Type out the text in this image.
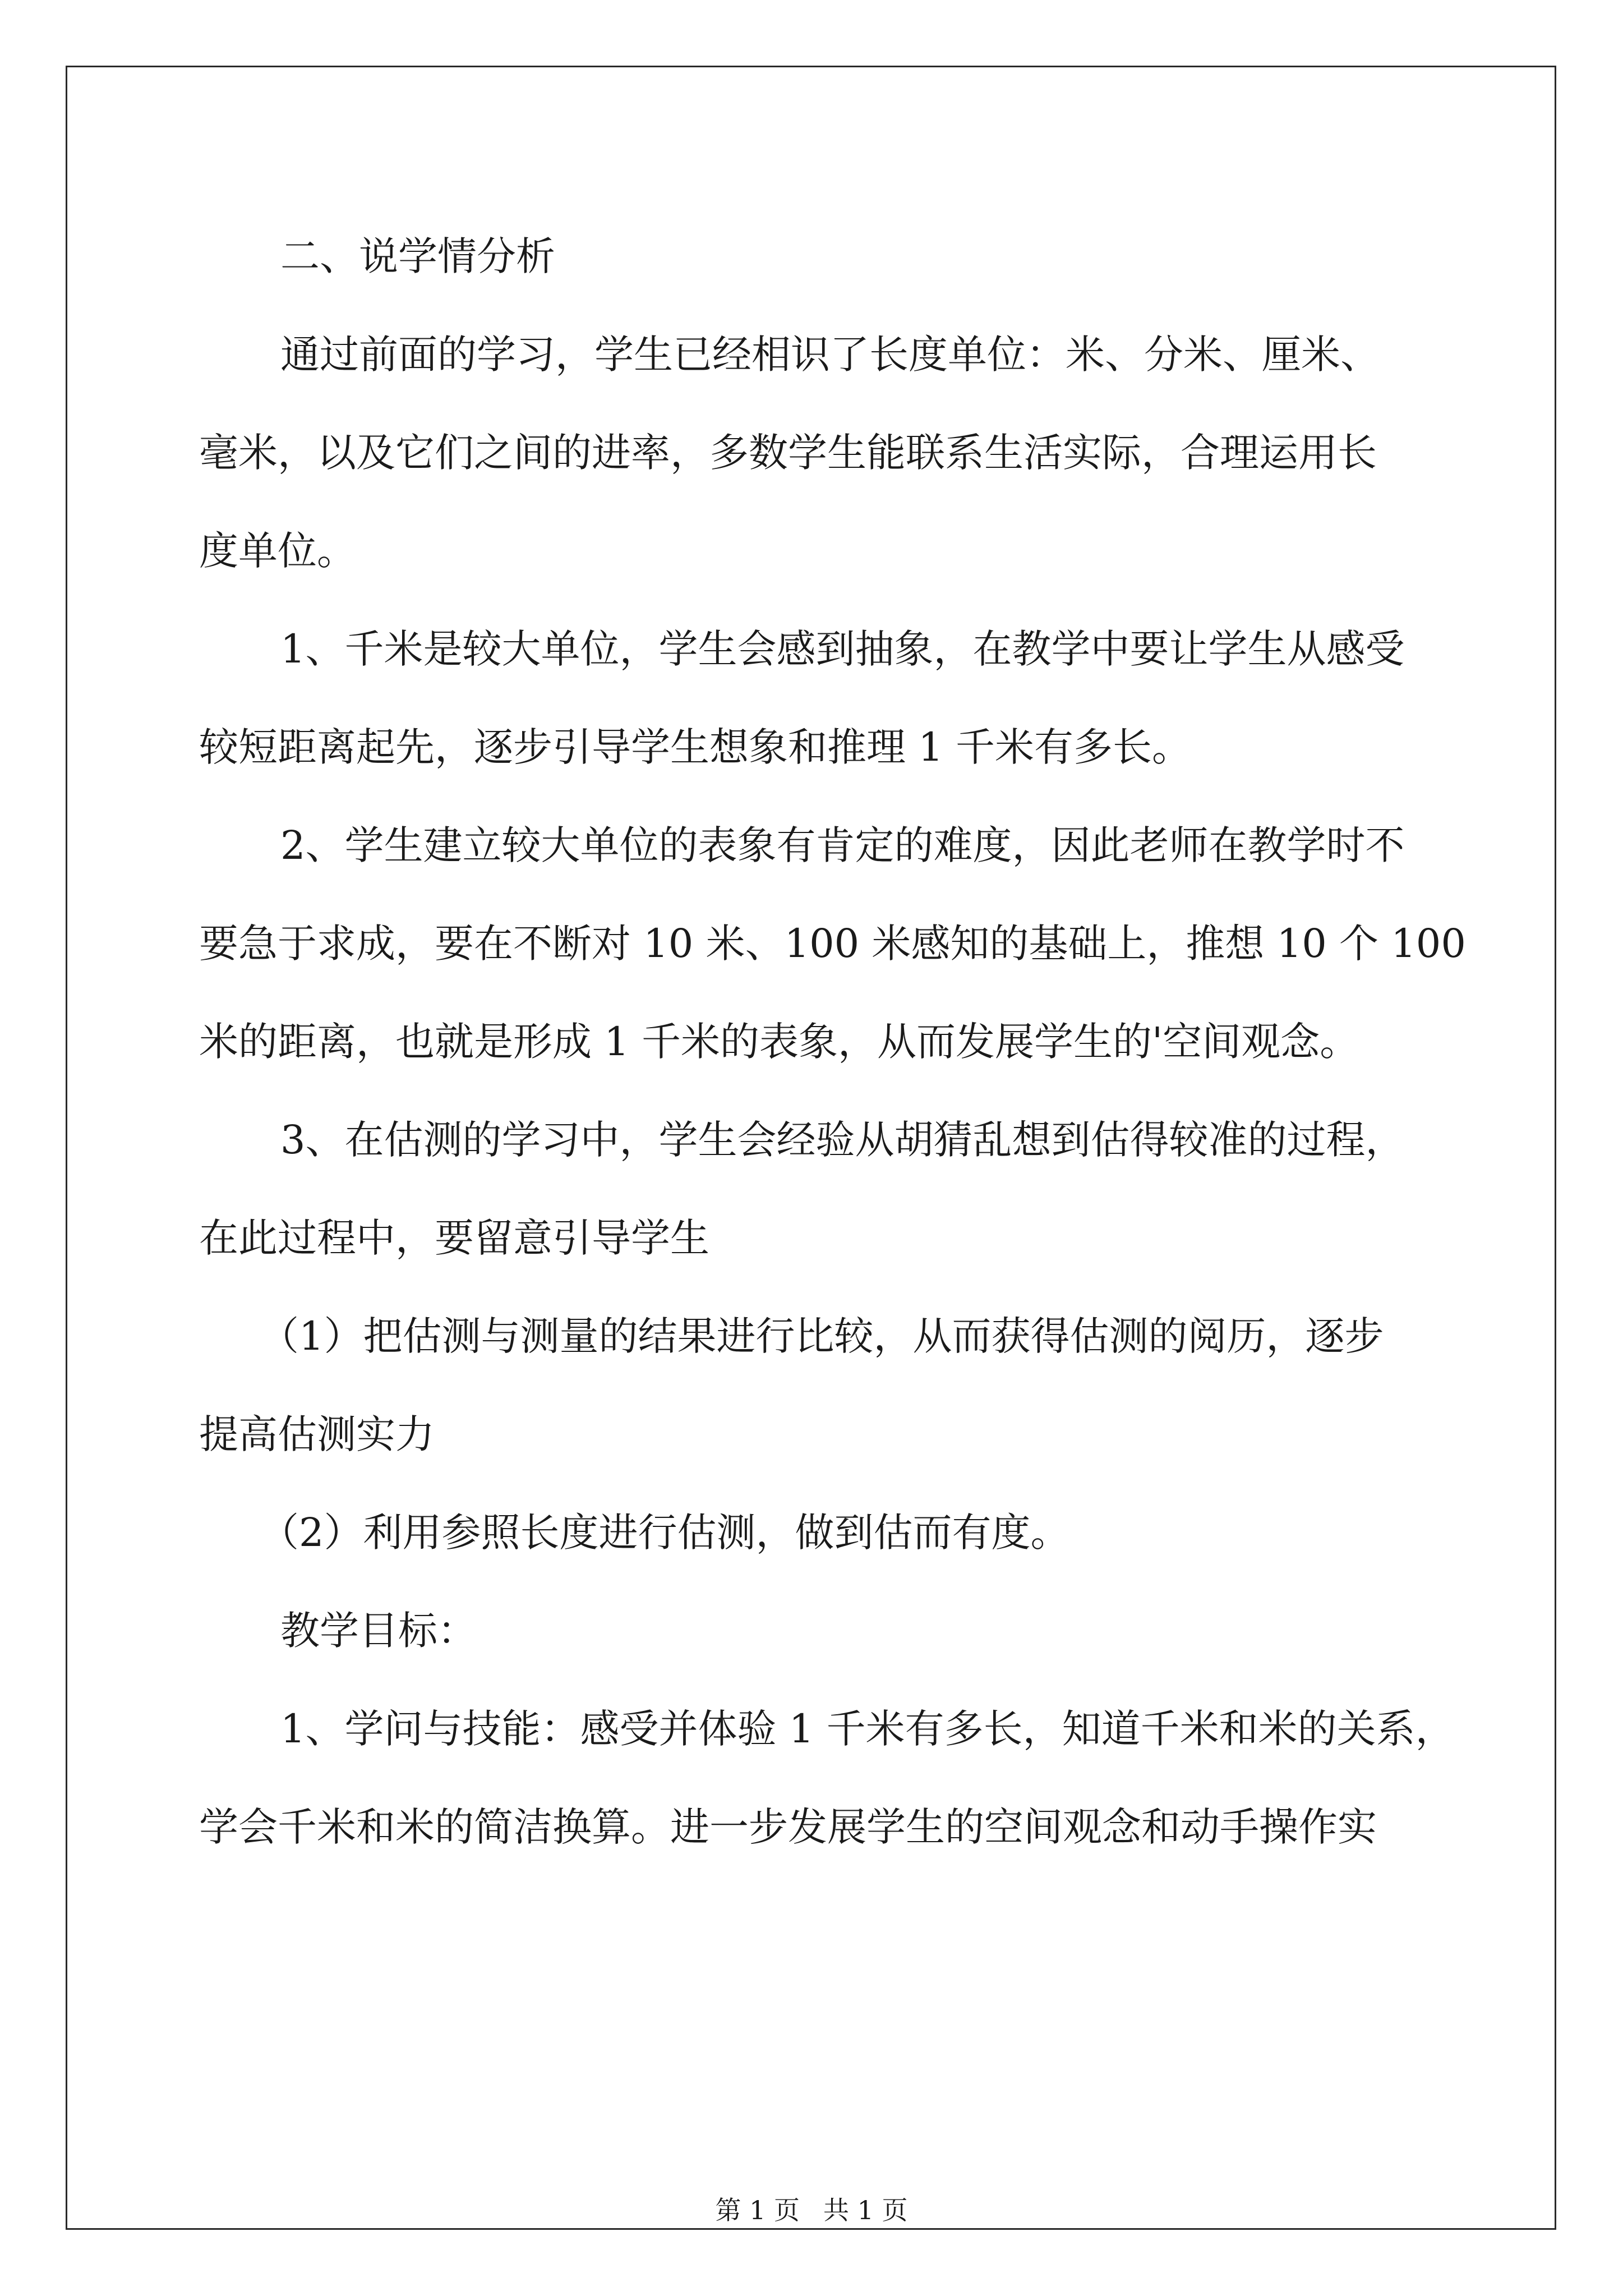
二、说学情分析
通过前面的学习，学生已经相识了长度单位：米、分米、厘米、
毫米，以及它们之间的进率，多数学生能联系生活实际，合理运用长
度单位。
1、千米是较大单位，学生会感到抽象，在教学中要让学生从感受
较短距离起先，逐步引导学生想象和推理 1 千米有多长。
2、学生建立较大单位的表象有肯定的难度，因此老师在教学时不
要急于求成，要在不断对 10 米、100 米感知的基础上，推想 10 个 100
米的距离，也就是形成 1 千米的表象，从而发展学生的'空间观念。
3、在估测的学习中，学生会经验从胡猜乱想到估得较准的过程，
在此过程中，要留意引导学生
（1）把估测与测量的结果进行比较，从而获得估测的阅历，逐步
提高估测实力
（2）利用参照长度进行估测，做到估而有度。
教学目标：
1、学问与技能：感受并体验 1 千米有多长，知道千米和米的关系，
学会千米和米的简洁换算。进一步发展学生的空间观念和动手操作实
第 1 页 共 1 页
